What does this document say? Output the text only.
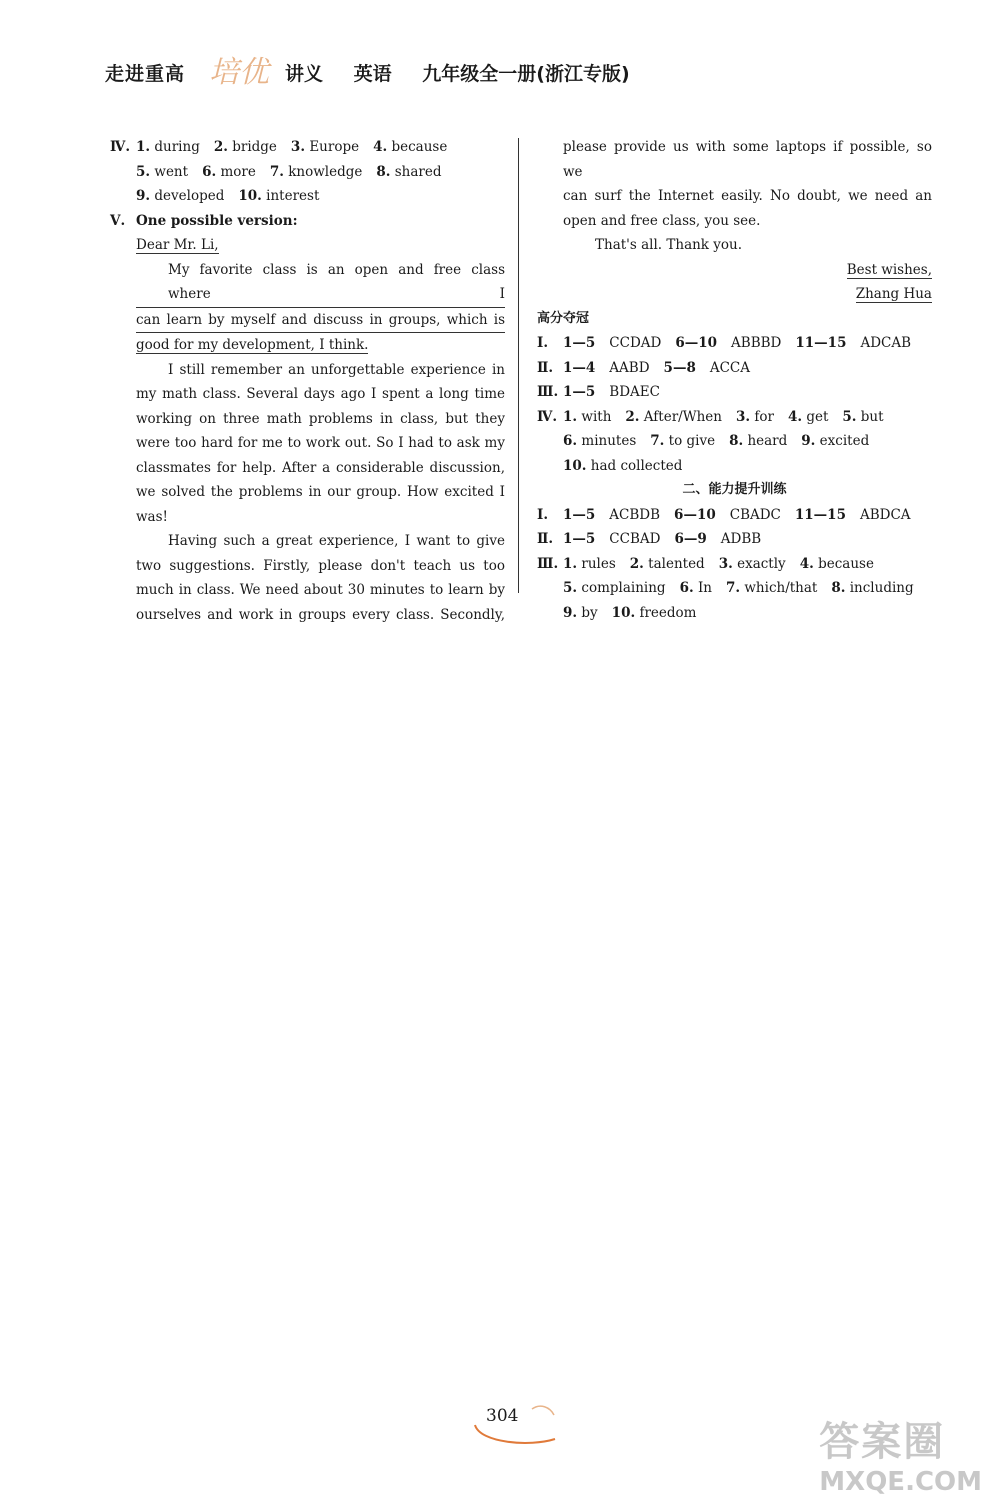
走进重高 培优 讲义 英语 九年级全一册(浙江专版)
Ⅳ. 1. during 2. bridge 3. Europe 4. because
5. went 6. more 7. knowledge 8. shared
9. developed 10. interest
Ⅴ. One possible version:
Dear Mr. Li,
My favorite class is an open and free class where I
can learn by myself and discuss in groups, which is
good for my development, I think.
I still remember an unforgettable experience in
my math class. Several days ago I spent a long time
working on three math problems in class, but they
were too hard for me to work out. So I had to ask my
classmates for help. After a considerable discussion,
we solved the problems in our group. How excited I
was!
Having such a great experience, I want to give
two suggestions. Firstly, please don't teach us too
much in class. We need about 30 minutes to learn by
ourselves and work in groups every class. Secondly,
please provide us with some laptops if possible, so we
can surf the Internet easily. No doubt, we need an
open and free class, you see.
That's all. Thank you.
Best wishes,
Zhang Hua
高分夺冠
Ⅰ.	1—5 CCDAD 6—10 ABBBD 11—15 ADCAB
Ⅱ. 1—4 AABD 5—8 ACCA
Ⅲ. 1—5 BDAEC
Ⅳ. 1. with 2. After/When 3. for 4. get 5. but
6. minutes 7. to give 8. heard 9. excited
10. had collected
二、能力提升训练
Ⅰ.	1—5 ACBDB 6—10 CBADC 11—15 ABDCA
Ⅱ. 1—5 CCBAD 6—9 ADBB
Ⅲ. 1. rules 2. talented 3. exactly 4. because
5. complaining 6. In 7. which/that 8. including
9. by 10. freedom
304
答案圈
MXQE.COM
